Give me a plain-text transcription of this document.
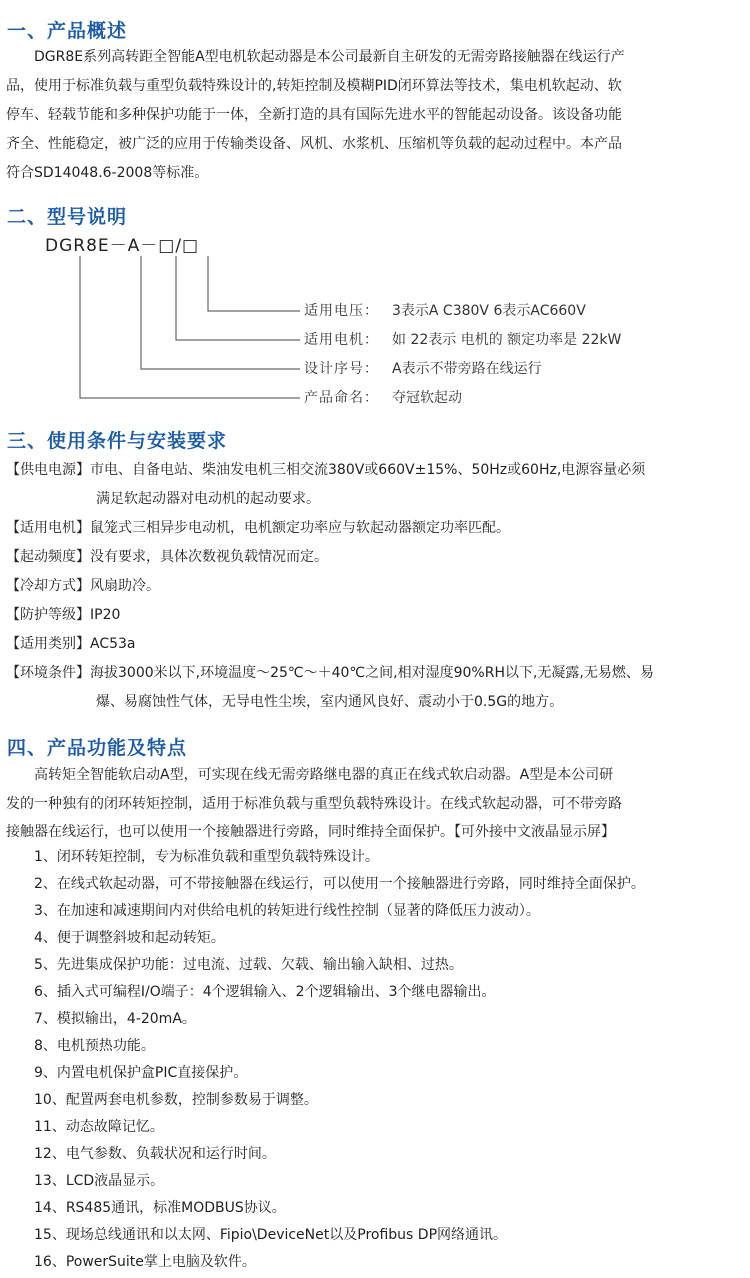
一、产品概述
DGR8E系列高转距全智能A型电机软起动器是本公司最新自主研发的无需旁路接触器在线运行产
品，使用于标准负载与重型负载特殊设计的,转矩控制及模糊PID闭环算法等技术，集电机软起动、软
停车、轻载节能和多种保护功能于一体，全新打造的具有国际先进水平的智能起动设备。该设备功能
齐全、性能稳定，被广泛的应用于传输类设备、风机、水浆机、压缩机等负载的起动过程中。本产品
符合SD14048.6-2008等标准。
二、型号说明
DGR8E－A－□/□
适用电压： 3表示A C380V 6表示AC660V
适用电机： 如 22表示 电机的 额定功率是 22kW
设计序号： A表示不带旁路在线运行
产品命名： 夺冠软起动
三、使用条件与安装要求
【供电电源】市电、自备电站、柴油发电机三相交流380V或660V±15%、50Hz或60Hz,电源容量必须
满足软起动器对电动机的起动要求。
【适用电机】鼠笼式三相异步电动机，电机额定功率应与软起动器额定功率匹配。
【起动频度】没有要求，具体次数视负载情况而定。
【冷却方式】风扇助冷。
【防护等级】IP20
【适用类别】AC53a
【环境条件】海拔3000米以下,环境温度～25℃～＋40℃之间,相对湿度90%RH以下,无凝露,无易燃、易
爆、易腐蚀性气体，无导电性尘埃，室内通风良好、震动小于0.5G的地方。
四、产品功能及特点
高转矩全智能软启动A型，可实现在线无需旁路继电器的真正在线式软启动器。A型是本公司研
发的一种独有的闭环转矩控制，适用于标准负载与重型负载特殊设计。在线式软起动器，可不带旁路
接触器在线运行，也可以使用一个接触器进行旁路，同时维持全面保护。【可外接中文液晶显示屏】
1、闭环转矩控制，专为标准负载和重型负载特殊设计。
2、在线式软起动器，可不带接触器在线运行，可以使用一个接触器进行旁路，同时维持全面保护。
3、在加速和减速期间内对供给电机的转矩进行线性控制（显著的降低压力波动）。
4、便于调整斜坡和起动转矩。
5、先进集成保护功能：过电流、过载、欠载、输出输入缺相、过热。
6、插入式可编程I/O端子：4个逻辑输入、2个逻辑输出、3个继电器输出。
7、模拟输出，4-20mA。
8、电机预热功能。
9、内置电机保护盒PIC直接保护。
10、配置两套电机参数，控制参数易于调整。
11、动态故障记忆。
12、电气参数、负载状况和运行时间。
13、LCD液晶显示。
14、RS485通讯，标准MODBUS协议。
15、现场总线通讯和以太网、Fipio\DeviceNet以及Profibus DP网络通讯。
16、PowerSuite掌上电脑及软件。
